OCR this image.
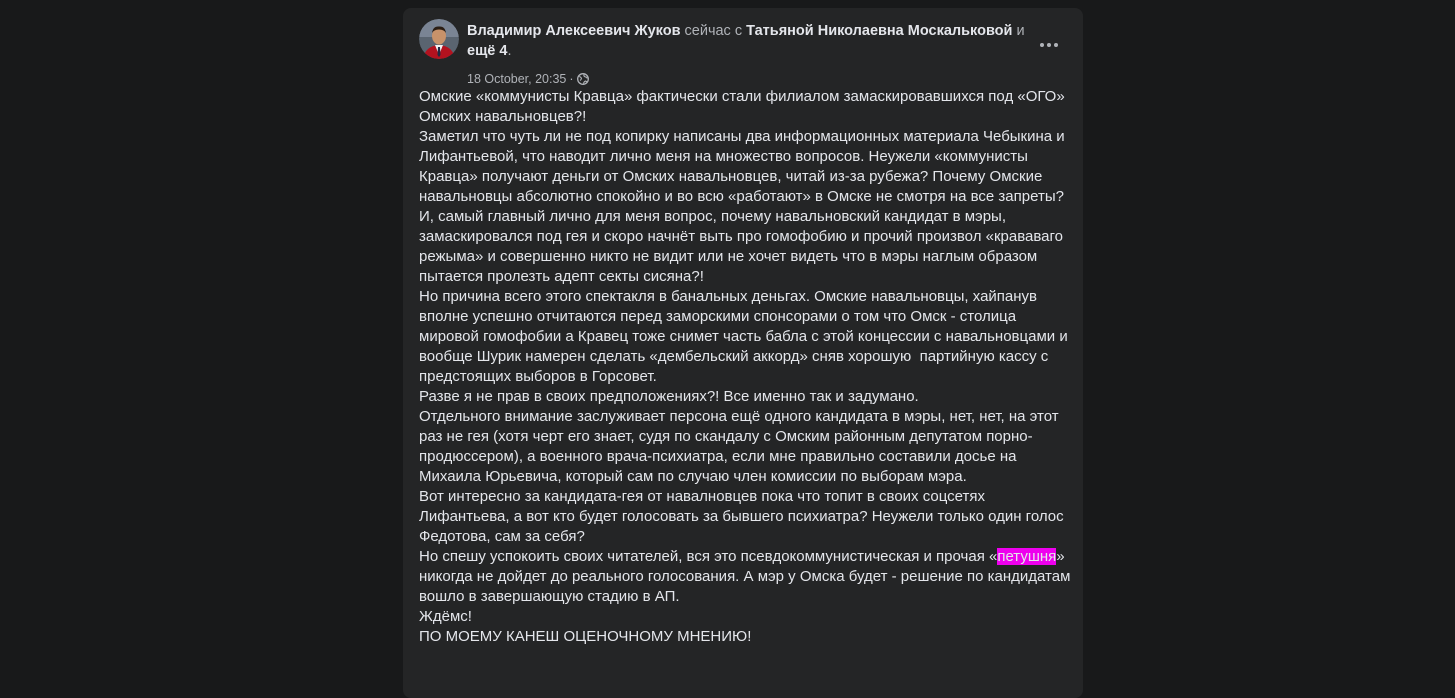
Владимир Алексеевич Жуков сейчас с Татьяной Николаевна Москальковой и ещё 4.
18 October, 20:35 ·

Омские «коммунисты Кравца» фактически стали филиалом замаскировавшихся под «ОГО» Омских навальновцев?!

Заметил что чуть ли не под копирку написаны два информационных материала Чебыкина и Лифантьевой, что наводит лично меня на множество вопросов. Неужели «коммунисты Кравца» получают деньги от Омских навальновцев, читай из-за рубежа? Почему Омские навальновцы абсолютно спокойно и во всю «работают» в Омске не смотря на все запреты?

И, самый главный лично для меня вопрос, почему навальновский кандидат в мэры, замаскировался под гея и скоро начнёт выть про гомофобию и прочий произвол «крававаго режыма» и совершенно никто не видит или не хочет видеть что в мэры наглым образом пытается пролезть адепт секты сисяна?!

Но причина всего этого спектакля в банальных деньгах. Омские навальновцы, хайпанув вполне успешно отчитаются перед заморскими спонсорами о том что Омск - столица мировой гомофобии а Кравец тоже снимет часть бабла с этой концессии с навальновцами и вообще Шурик намерен сделать «дембельский аккорд» сняв хорошую  партийную кассу с предстоящих выборов в Горсовет.

Разве я не прав в своих предположениях?! Все именно так и задумано.

Отдельного внимание заслуживает персона ещё одного кандидата в мэры, нет, нет, на этот раз не гея (хотя черт его знает, судя по скандалу с Омским районным депутатом порно-продюссером), а военного врача-психиатра, если мне правильно составили досье на Михаила Юрьевича, который сам по случаю член комиссии по выборам мэра.

Вот интересно за кандидата-гея от навалновцев пока что топит в своих соцсетях Лифантьева, а вот кто будет голосовать за бывшего психиатра? Неужели только один голос Федотова, сам за себя?

Но спешу успокоить своих читателей, вся это псевдокоммунистическая и прочая «петушня» никогда не дойдет до реального голосования. А мэр у Омска будет - решение по кандидатам вошло в завершающую стадию в АП.

Ждёмс!

ПО МОЕМУ КАНЕШ ОЦЕНОЧНОМУ МНЕНИЮ!
